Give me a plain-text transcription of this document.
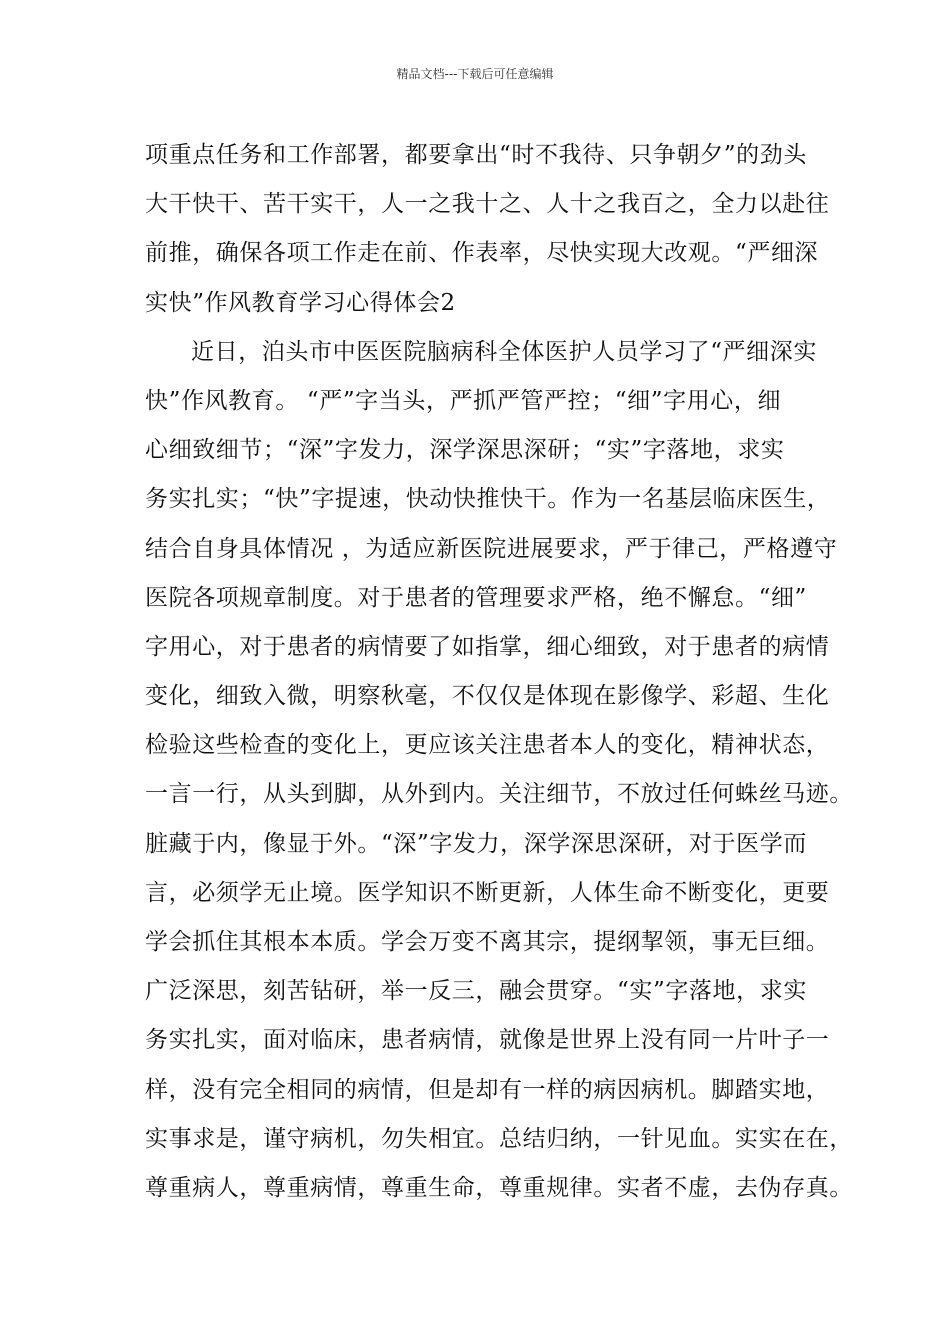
精品文档---下载后可任意编辑
项重点任务和工作部署，都要拿出“时不我待、只争朝夕”的劲头
大干快干、苦干实干，人一之我十之、人十之我百之，全力以赴往
前推，确保各项工作走在前、作表率，尽快实现大改观。“严细深
实快”作风教育学习心得体会2
近日，泊头市中医医院脑病科全体医护人员学习了“严细深实
快”作风教育。 “严”字当头，严抓严管严控；“细”字用心，细
心细致细节；“深”字发力，深学深思深研；“实”字落地，求实
务实扎实；“快”字提速，快动快推快干。作为一名基层临床医生，
结合自身具体情况 ，为适应新医院进展要求，严于律己，严格遵守
医院各项规章制度。对于患者的管理要求严格，绝不懈怠。“细”
字用心，对于患者的病情要了如指掌，细心细致，对于患者的病情
变化，细致入微，明察秋毫，不仅仅是体现在影像学、彩超、生化
检验这些检查的变化上，更应该关注患者本人的变化，精神状态，
一言一行，从头到脚，从外到内。关注细节，不放过任何蛛丝马迹。
脏藏于内，像显于外。“深”字发力，深学深思深研，对于医学而
言，必须学无止境。医学知识不断更新，人体生命不断变化，更要
学会抓住其根本本质。学会万变不离其宗，提纲挈领，事无巨细。
广泛深思，刻苦钻研，举一反三，融会贯穿。“实”字落地，求实
务实扎实，面对临床，患者病情，就像是世界上没有同一片叶子一
样，没有完全相同的病情，但是却有一样的病因病机。脚踏实地，
实事求是，谨守病机，勿失相宜。总结归纳，一针见血。实实在在，
尊重病人，尊重病情，尊重生命，尊重规律。实者不虚，去伪存真。
